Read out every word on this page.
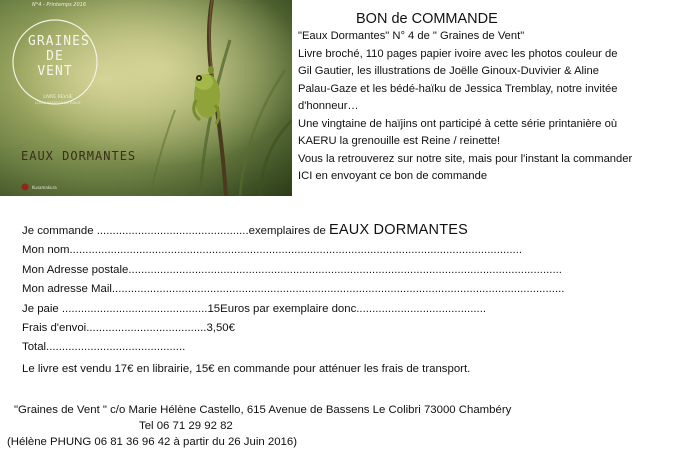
N°4 - Printemps 2016
GRAINES
DE
VENT
LIVRE REVUE
LOUIS FREYSSE DE BIASE
EAUX DORMANTES
Kusamakura
BON de COMMANDE
"Eaux Dormantes" N° 4 de " Graines de Vent"
Livre broché, 110 pages papier ivoire avec les photos couleur de
Gil Gautier, les illustrations de Joëlle Ginoux-Duvivier & Aline
Palau-Gaze et les bédé-haïku de Jessica Tremblay, notre invitée
d'honneur…
Une vingtaine de haïjins ont participé à cette série printanière où
KAERU la grenouille est Reine / reinette!
Vous la retrouverez sur notre site, mais pour l'instant la commander
ICI en envoyant ce bon de commande
Je commande ................................................exemplaires de EAUX DORMANTES
Mon nom...............................................................................................................................................
Mon Adresse postale.........................................................................................................................................
Mon adresse Mail...............................................................................................................................................
Je paie ..............................................15Euros par exemplaire donc.........................................
Frais d'envoi......................................3,50€
Total............................................
Le livre est vendu 17€ en librairie, 15€ en commande pour atténuer les frais de transport.
"Graines de Vent " c/o Marie Hélène Castello, 615 Avenue de Bassens Le Colibri 73000 Chambéry
Tel 06 71 29 92 82
(Hélène PHUNG 06 81 36 96 42 à partir du 26 Juin 2016)
